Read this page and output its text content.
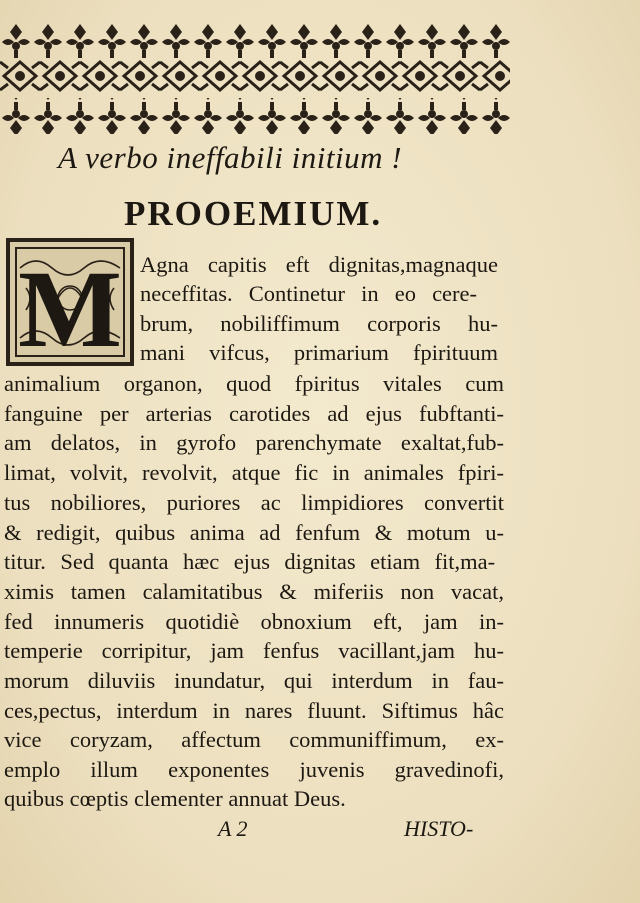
A verbo ineffabili initium !
PROOEMIUM.
M Agna capitis eft dignitas,magnaque
neceffitas. Continetur in eo cere-
brum, nobiliffimum corporis hu-
mani vifcus, primarium fpirituum
animalium organon, quod fpiritus vitales cum
fanguine per arterias carotides ad ejus fubftanti-
am delatos, in gyrofo parenchymate exaltat,fub-
limat, volvit, revolvit, atque fic in animales fpiri-
tus nobiliores, puriores ac limpidiores convertit
& redigit, quibus anima ad fenfum & motum u-
titur. Sed quanta hæc ejus dignitas etiam fit,ma-
ximis tamen calamitatibus & miferiis non vacat,
fed innumeris quotidiè obnoxium eft, jam in-
temperie corripitur, jam fenfus vacillant,jam hu-
morum diluviis inundatur, qui interdum in fau-
ces,pectus, interdum in nares fluunt. Siftimus hâc
vice coryzam, affectum communiffimum, ex-
emplo illum exponentes juvenis gravedinofi,
quibus cœptis clementer annuat Deus.
A 2	HISTO-
